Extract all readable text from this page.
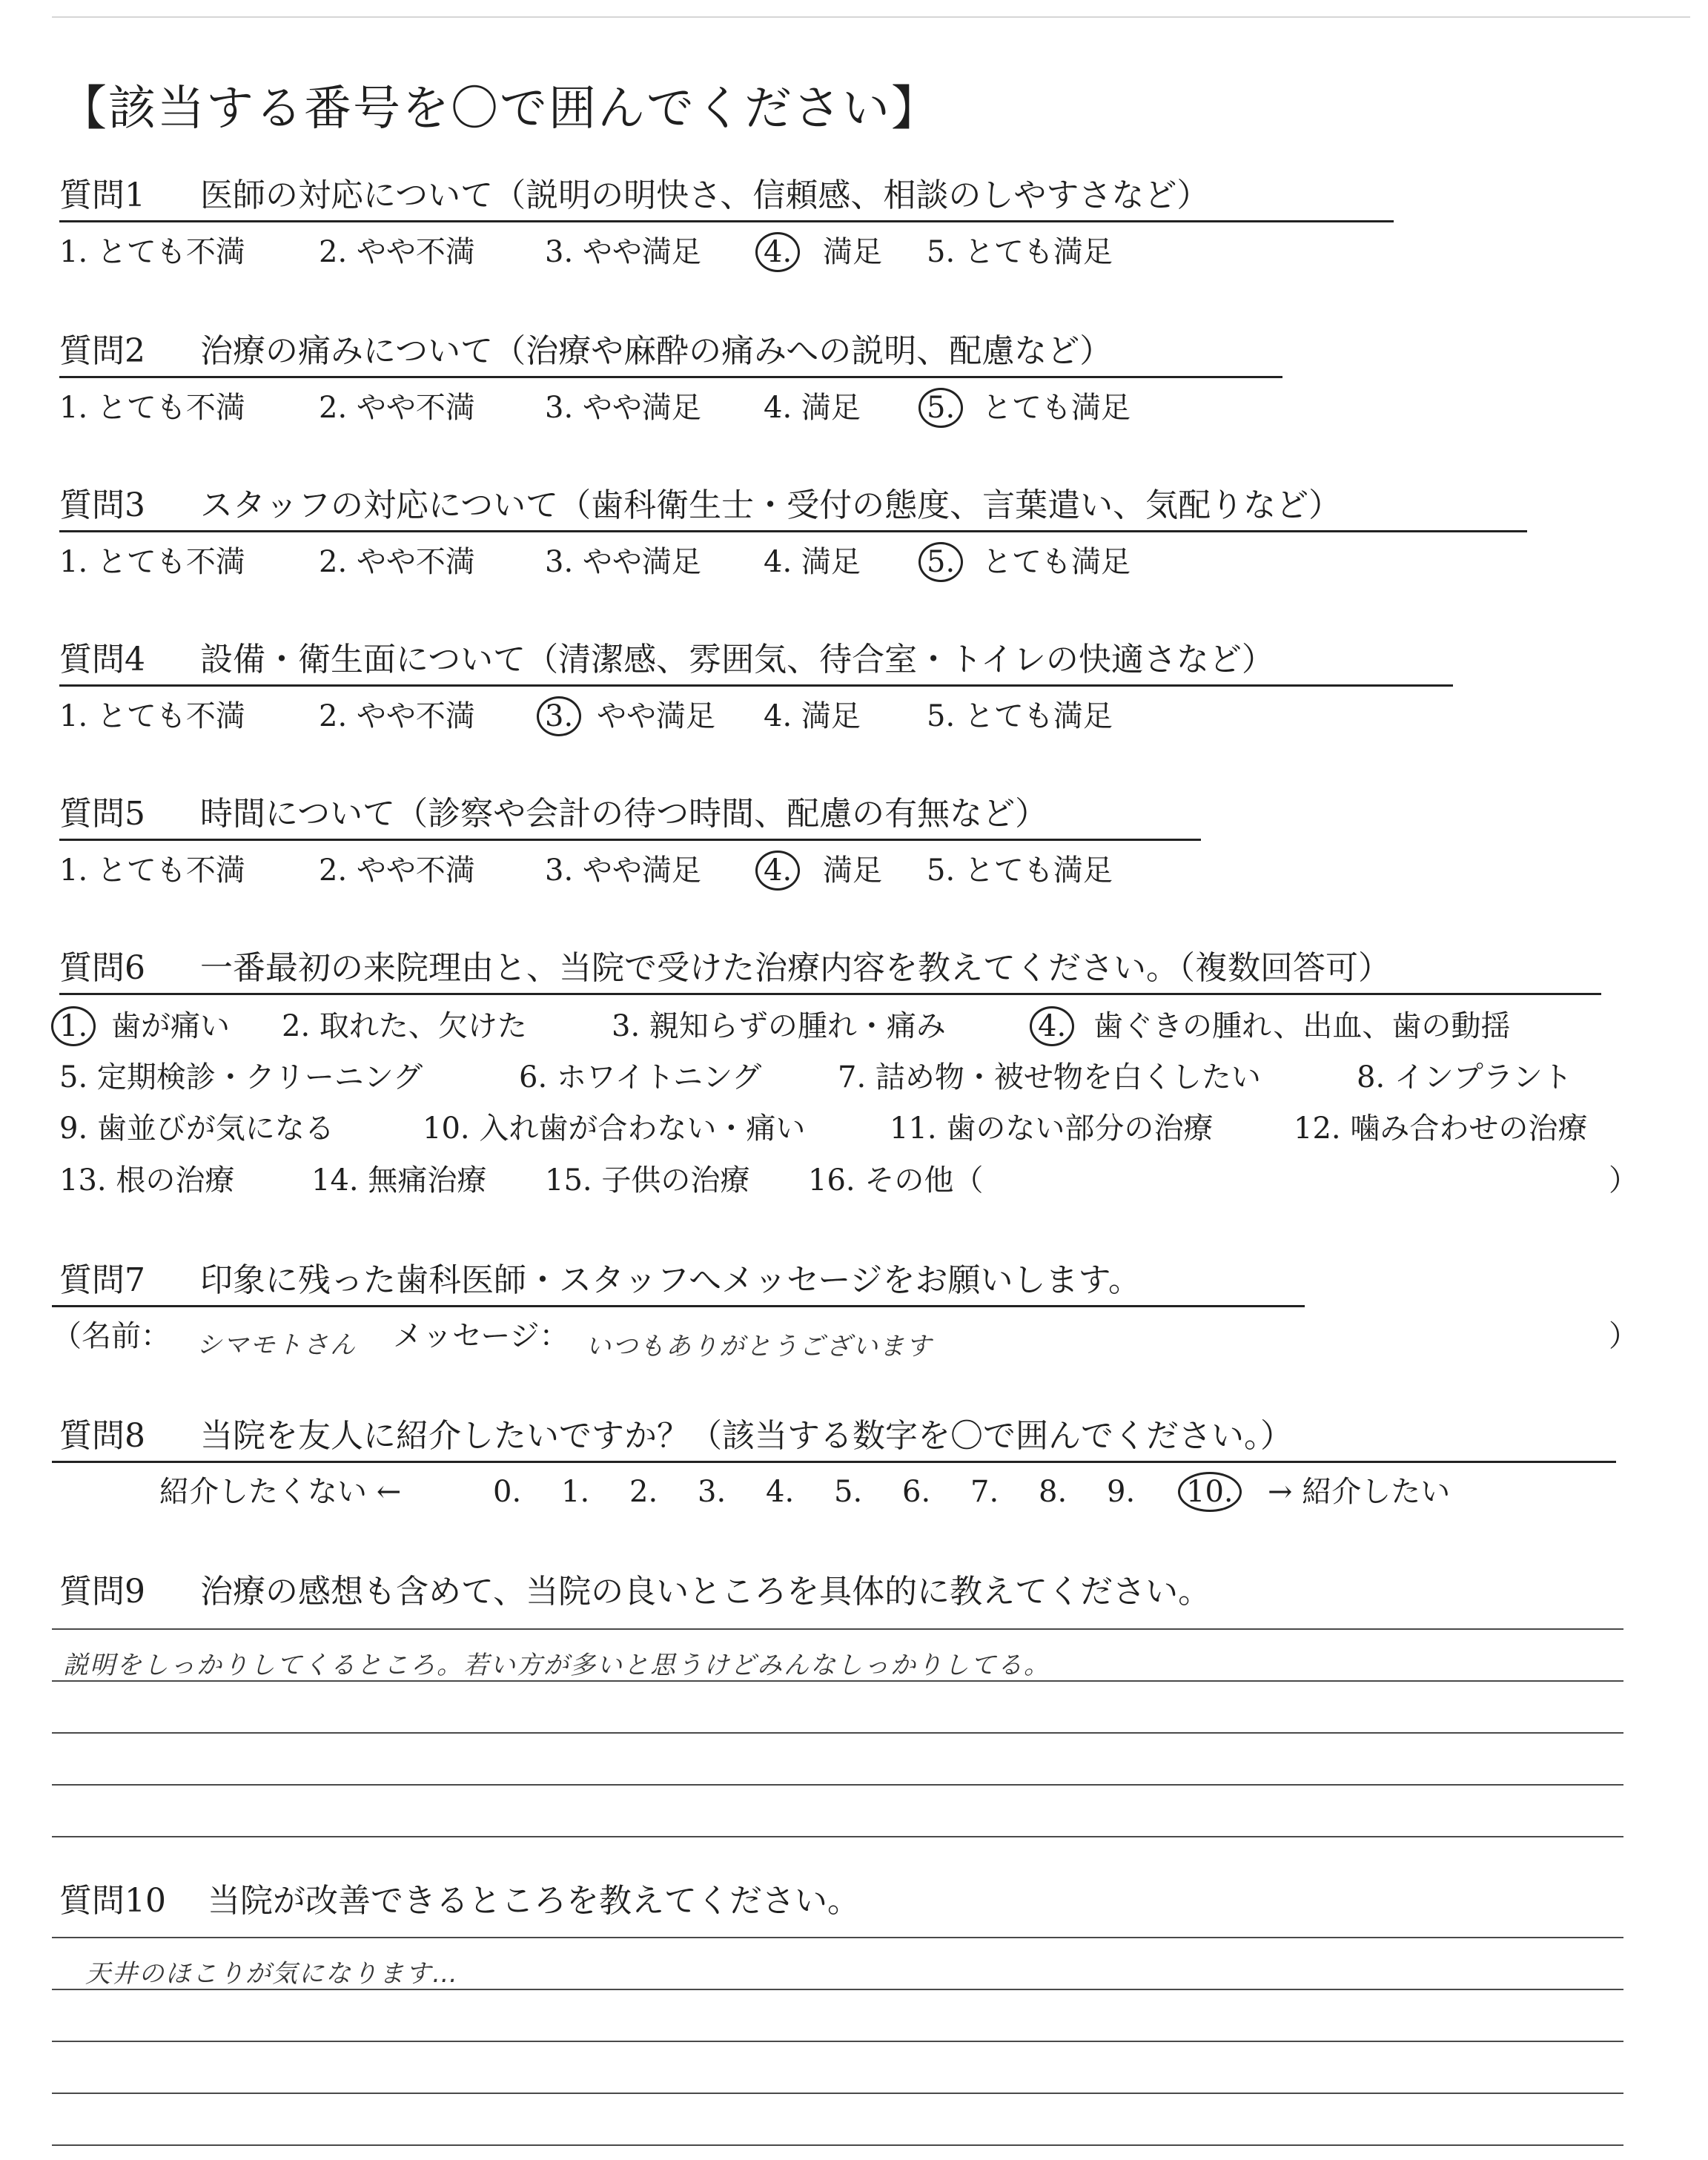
【該当する番号を〇で囲んでください】
質問1 医師の対応について（説明の明快さ、信頼感、相談のしやすさなど）
1. とても不満 2. やや不満 3. やや満足 4. 満足 5. とても満足
質問2 治療の痛みについて（治療や麻酔の痛みへの説明、配慮など）
1. とても不満 2. やや不満 3. やや満足 4. 満足 5. とても満足
質問3 スタッフの対応について（歯科衛生士・受付の態度、言葉遣い、気配りなど）
1. とても不満 2. やや不満 3. やや満足 4. 満足 5. とても満足
質問4 設備・衛生面について（清潔感、雰囲気、待合室・トイレの快適さなど）
1. とても不満 2. やや不満 3. やや満足 4. 満足 5. とても満足
質問5 時間について（診察や会計の待つ時間、配慮の有無など）
1. とても不満 2. やや不満 3. やや満足 4. 満足 5. とても満足
質問6 一番最初の来院理由と、当院で受けた治療内容を教えてください。（複数回答可）
1. 歯が痛い 2. 取れた、欠けた	3. 親知らずの腫れ・痛み	4. 歯ぐきの腫れ、出血、歯の動揺
5. 定期検診・クリーニング	6. ホワイトニング	7. 詰め物・被せ物を白くしたい	8. インプラント
9. 歯並びが気になる	10. 入れ歯が合わない・痛い	11. 歯のない部分の治療	12. 噛み合わせの治療
13. 根の治療	14. 無痛治療 15. 子供の治療 16. その他（	）
質問7 印象に残った歯科医師・スタッフへメッセージをお願いします。
（名前： シマモトさん メッセージ： いつもありがとうございます	）
質問8 当院を友人に紹介したいですか？（該当する数字を〇で囲んでください。）
紹介したくない ←	0. 1. 2. 3. 4. 5. 6. 7. 8. 9. 10. → 紹介したい
質問9 治療の感想も含めて、当院の良いところを具体的に教えてください。
説明をしっかりしてくるところ。若い方が多いと思うけどみんなしっかりしてる。
質問10 当院が改善できるところを教えてください。
天井のほこりが気になります…
